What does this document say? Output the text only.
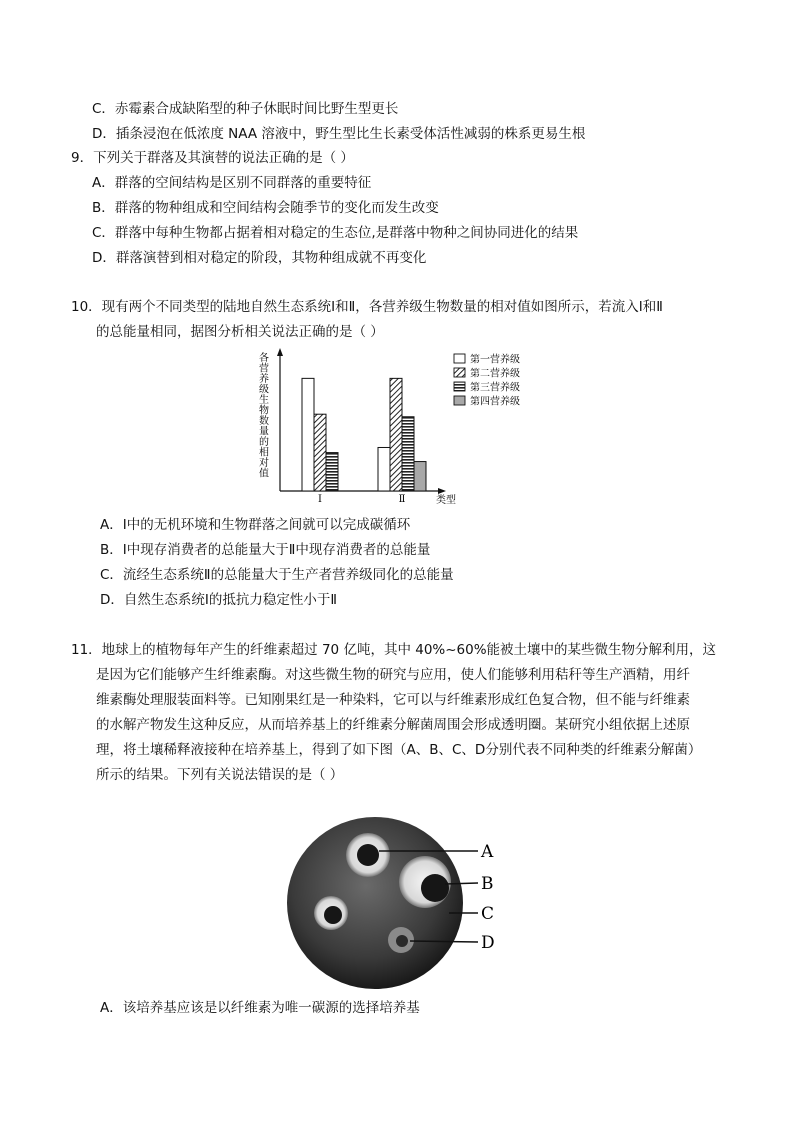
C．赤霉素合成缺陷型的种子休眠时间比野生型更长
D．插条浸泡在低浓度 NAA 溶液中，野生型比生长素受体活性减弱的株系更易生根
9．下列关于群落及其演替的说法正确的是（ ）
A．群落的空间结构是区别不同群落的重要特征
B．群落的物种组成和空间结构会随季节的变化而发生改变
C．群落中每种生物都占据着相对稳定的生态位,是群落中物种之间协同进化的结果
D．群落演替到相对稳定的阶段，其物种组成就不再变化
10．现有两个不同类型的陆地自然生态系统Ⅰ和Ⅱ，各营养级生物数量的相对值如图所示，若流入Ⅰ和Ⅱ
的总能量相同，据图分析相关说法正确的是（ ）
各
营
养
级
生
物
数
量
的
相
对
值
类型
Ⅰ	Ⅱ
第一营养级
第二营养级
第三营养级
第四营养级
A．Ⅰ中的无机环境和生物群落之间就可以完成碳循环
B．Ⅰ中现存消费者的总能量大于Ⅱ中现存消费者的总能量
C．流经生态系统Ⅱ的总能量大于生产者营养级同化的总能量
D．自然生态系统Ⅰ的抵抗力稳定性小于Ⅱ
11．地球上的植物每年产生的纤维素超过 70 亿吨，其中 40%~60%能被土壤中的某些微生物分解利用，这
是因为它们能够产生纤维素酶。对这些微生物的研究与应用，使人们能够利用秸秆等生产酒精，用纤
维素酶处理服装面料等。已知刚果红是一种染料，它可以与纤维素形成红色复合物，但不能与纤维素
的水解产物发生这种反应，从而培养基上的纤维素分解菌周围会形成透明圈。某研究小组依据上述原
理，将土壤稀释液接种在培养基上，得到了如下图（A、B、C、D分别代表不同种类的纤维素分解菌）
所示的结果。下列有关说法错误的是（ ）
A
B
C
D
A．该培养基应该是以纤维素为唯一碳源的选择培养基
